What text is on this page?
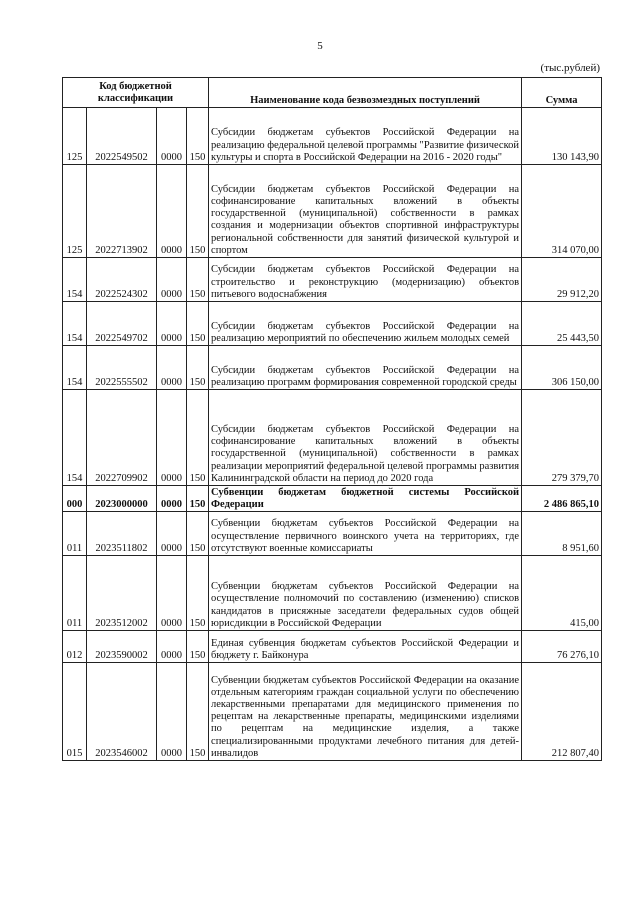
5
(тыс.рублей)
Код бюджетной классификации				Наименование кода безвозмездных поступлений	Сумма
125	2022549502	0000	150	Субсидии бюджетам субъектов Российской Федерации на реализацию федеральной целевой программы "Развитие физической культуры и спорта в Российской Федерации на 2016 - 2020 годы"	130 143,90
125	2022713902	0000	150	Субсидии бюджетам субъектов Российской Федерации на софинансирование капитальных вложений в объекты государственной (муниципальной) собственности в рамках создания и модернизации объектов спортивной инфраструктуры региональной собственности для занятий физической культурой и спортом	314 070,00
154	2022524302	0000	150	Субсидии бюджетам субъектов Российской Федерации на строительство и реконструкцию (модернизацию) объектов питьевого водоснабжения	29 912,20
154	2022549702	0000	150	Субсидии бюджетам субъектов Российской Федерации на реализацию мероприятий по обеспечению жильем молодых семей	25 443,50
154	2022555502	0000	150	Субсидии бюджетам субъектов Российской Федерации на реализацию программ формирования современной городской среды	306 150,00
154	2022709902	0000	150	Субсидии бюджетам субъектов Российской Федерации на софинансирование капитальных вложений в объекты государственной (муниципальной) собственности в рамках реализации мероприятий федеральной целевой программы развития Калининградской области на период до 2020 года	279 379,70
000	2023000000	0000	150	Субвенции бюджетам бюджетной системы Российской Федерации	2 486 865,10
011	2023511802	0000	150	Субвенции бюджетам субъектов Российской Федерации на осуществление первичного воинского учета на территориях, где отсутствуют военные комиссариаты	8 951,60
011	2023512002	0000	150	Субвенции бюджетам субъектов Российской Федерации на осуществление полномочий по составлению (изменению) списков кандидатов в присяжные заседатели федеральных судов общей юрисдикции в Российской Федерации	415,00
012	2023590002	0000	150	Единая субвенция бюджетам субъектов Российской Федерации и бюджету г. Байконура	76 276,10
015	2023546002	0000	150	Субвенции бюджетам субъектов Российской Федерации на оказание отдельным категориям граждан социальной услуги по обеспечению лекарственными препаратами для медицинского применения по рецептам на лекарственные препараты, медицинскими изделиями по рецептам на медицинские изделия, а также специализированными продуктами лечебного питания для детей-инвалидов	212 807,40
